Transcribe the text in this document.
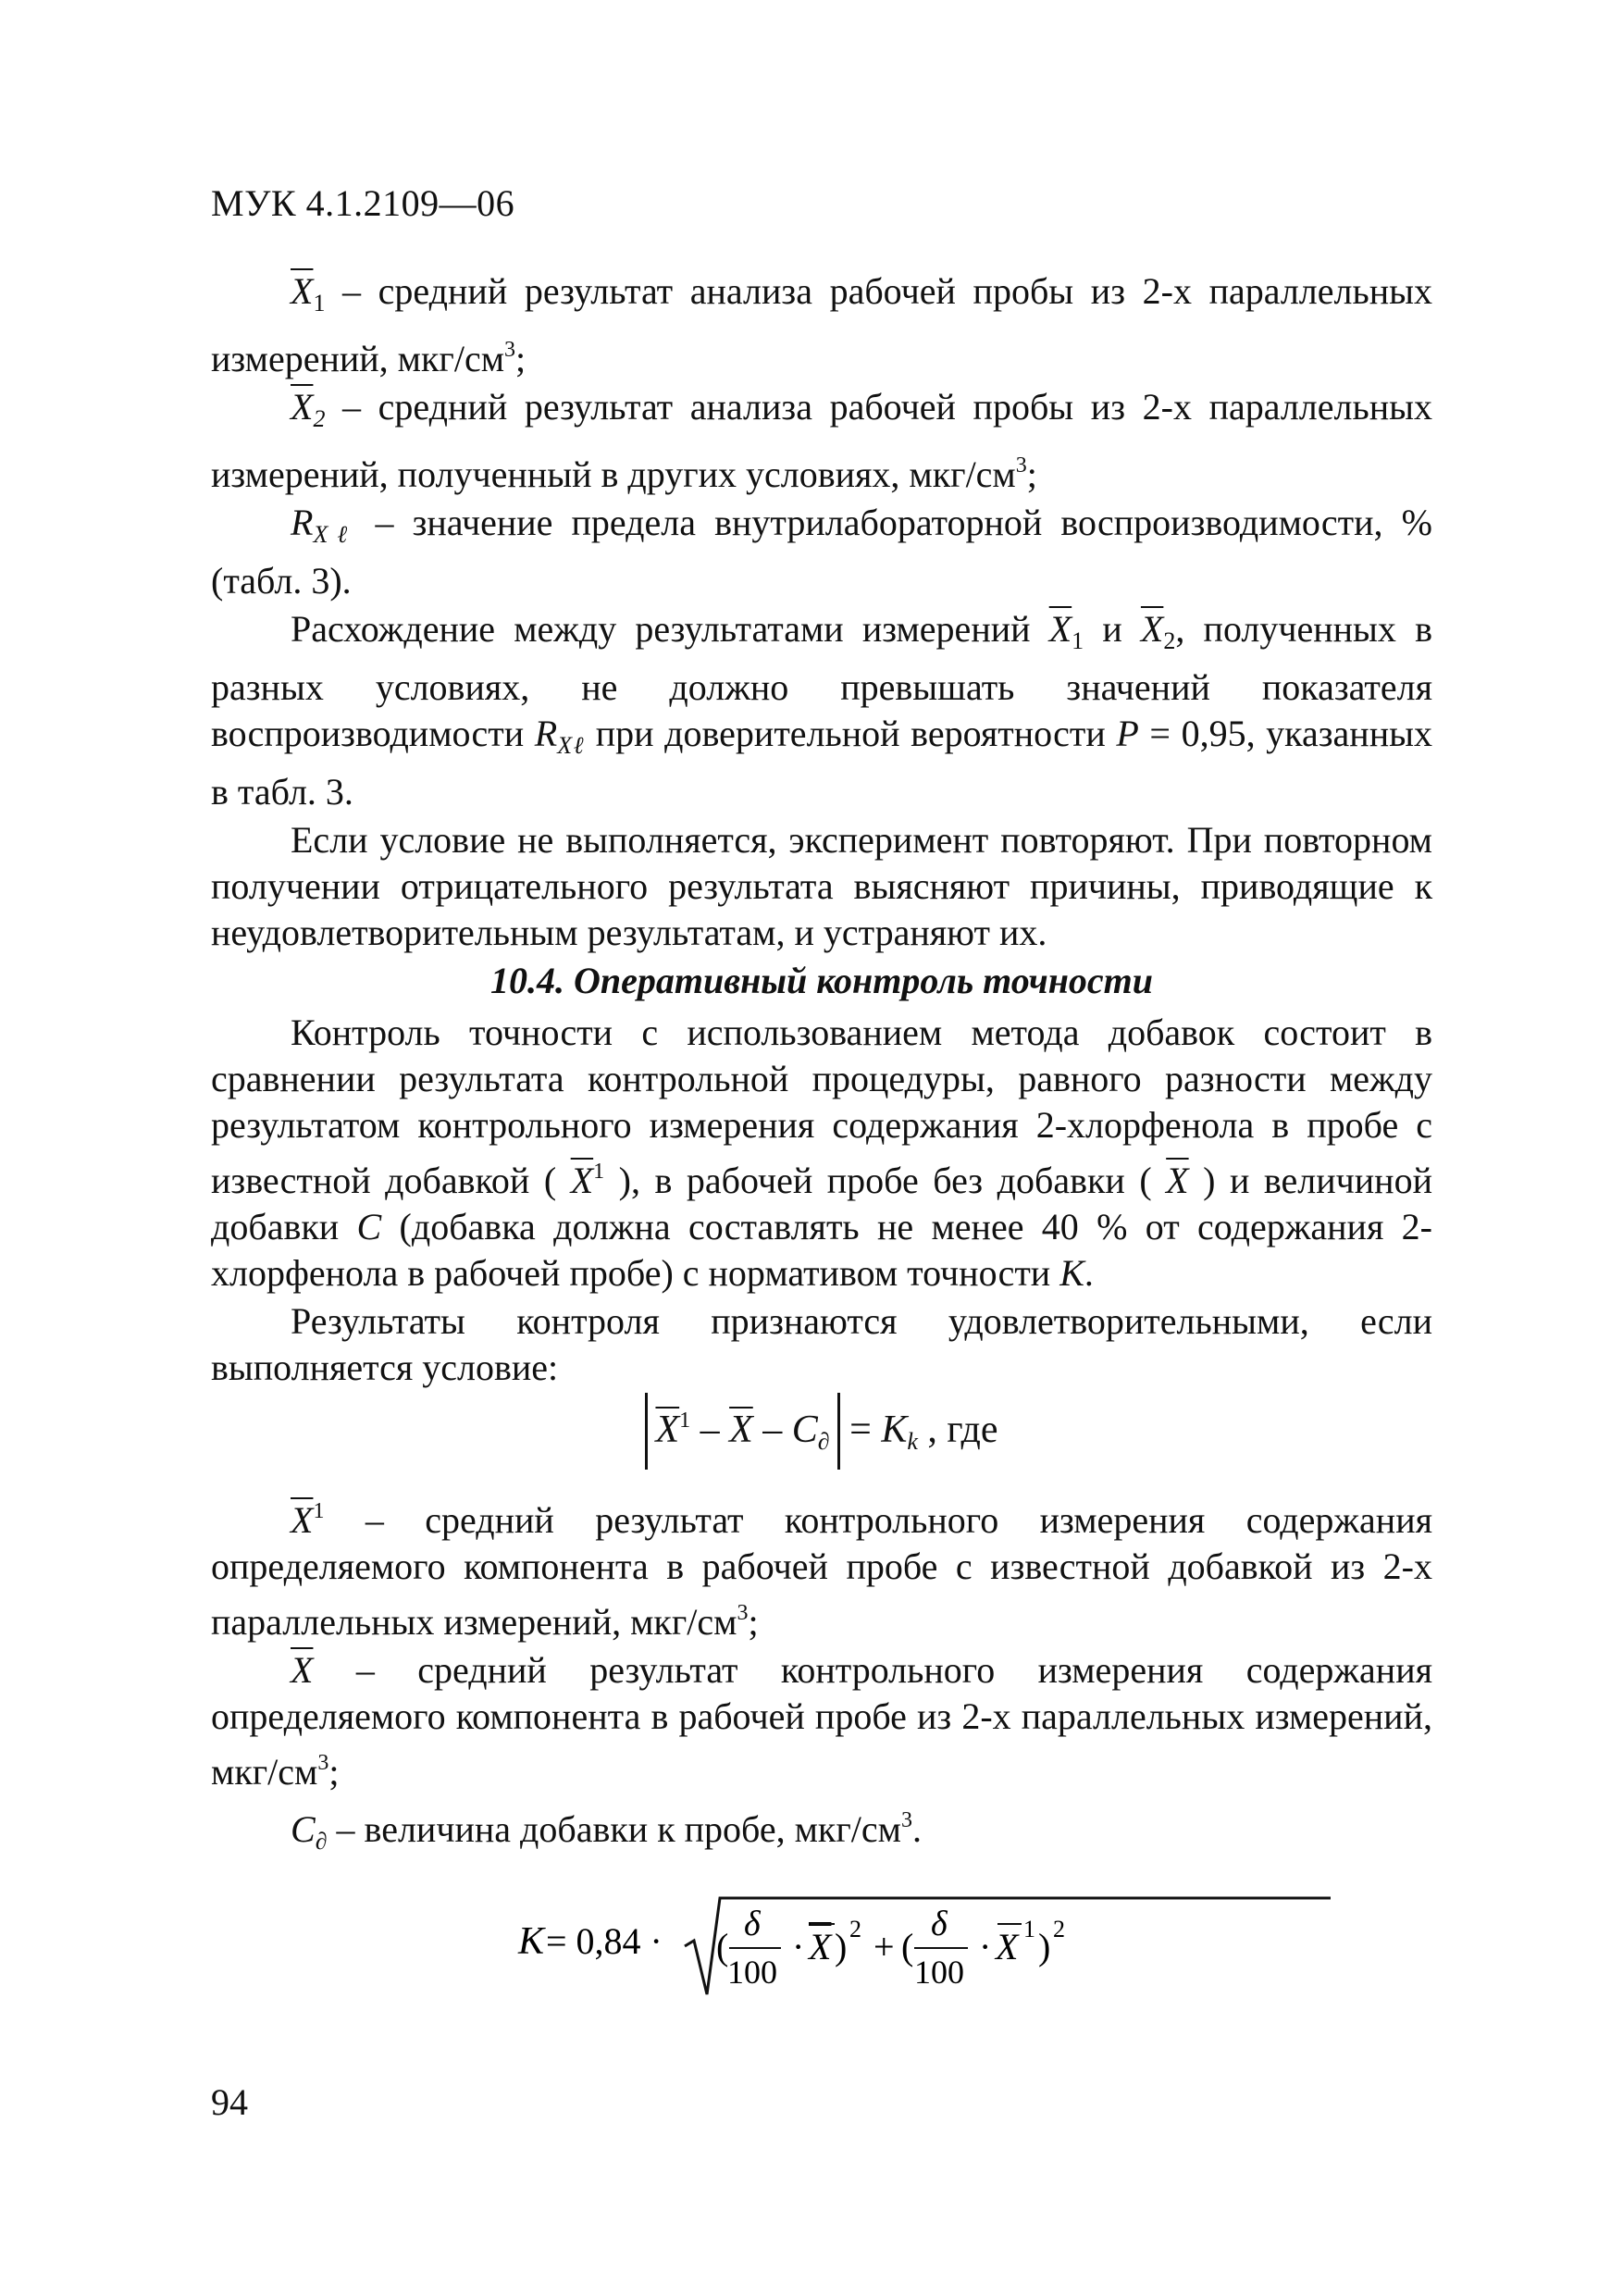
МУК 4.1.2109—06

$\overline{X}_1$ – средний результат анализа рабочей пробы из 2-х параллельных измерений, мкг/$см^3$;

$\overline{X}_2$ – средний результат анализа рабочей пробы из 2-х параллельных измерений, полученный в других условиях, мкг/$см^3$;

$R_{X\ell}$ – значение предела внутрилабораторной воспроизводимости, % (табл. 3).

Расхождение между результатами измерений $\overline{X}_1$ и $\overline{X}_2$, полученных в разных условиях, не должно превышать значений показателя воспроизводимости $R_{X\ell}$ при доверительной вероятности P = 0,95, указанных в табл. 3.

Если условие не выполняется, эксперимент повторяют. При повторном получении отрицательного результата выясняют причины, приводящие к неудовлетворительным результатам, и устраняют их.

10.4. Оперативный контроль точности

Контроль точности с использованием метода добавок состоит в сравнении результата контрольной процедуры, равного разности между результатом контрольного измерения содержания 2-хлорфенола в пробе с известной добавкой ( $\overline{X}^1$ ), в рабочей пробе без добавки ( $\overline{X}$ ) и величиной добавки C (добавка должна составлять не менее 40 % от содержания 2-хлорфенола в рабочей пробе) с нормативом точности K.

Результаты контроля признаются удовлетворительными, если выполняется условие:

$\overline{X}^1 - \overline{X} - C_\partial = K_k$ , где

$\overline{X}^1$ – средний результат контрольного измерения содержания определяемого компонента в рабочей пробе с известной добавкой из 2-х параллельных измерений, мкг/$см^3$;

$\overline{X}$ – средний результат контрольного измерения содержания определяемого компонента в рабочей пробе из 2-х параллельных измерений, мкг/$см^3$;

$C_\partial$ – величина добавки к пробе, мкг/$см^3$.

K = 0,84 · (
δ
100
· X ) 2 + (
δ
100
· X 1 ) 2
94
